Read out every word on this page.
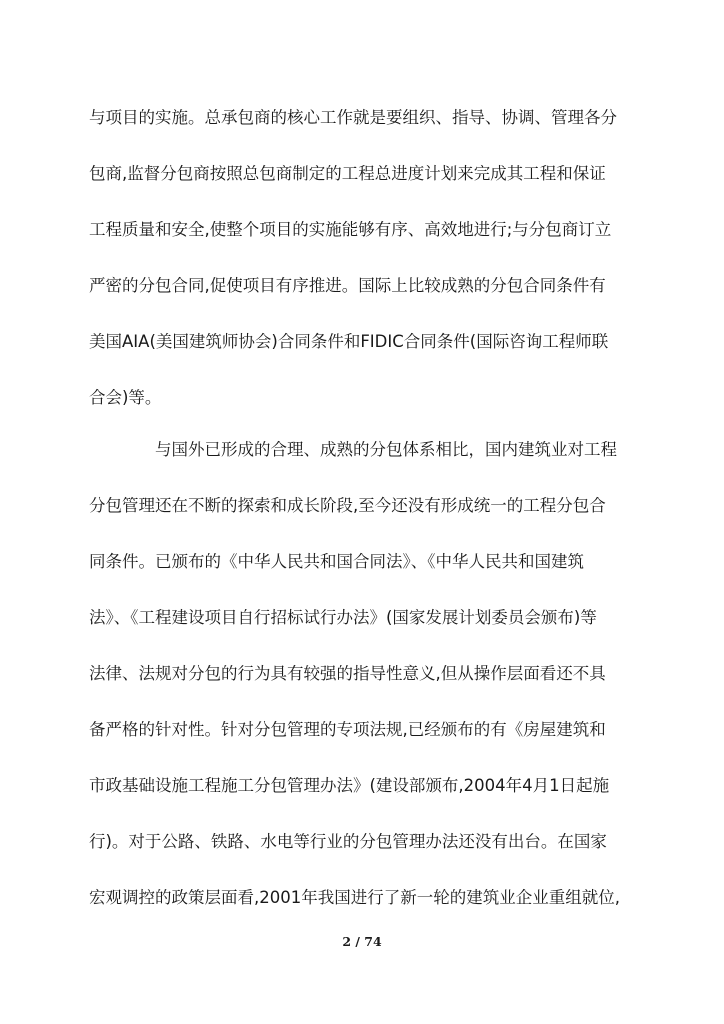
与项目的实施。总承包商的核心工作就是要组织、指导、协调、管理各分

包商,监督分包商按照总包商制定的工程总进度计划来完成其工程和保证

工程质量和安全,使整个项目的实施能够有序、高效地进行;与分包商订立

严密的分包合同,促使项目有序推进。国际上比较成熟的分包合同条件有

美国AIA(美国建筑师协会)合同条件和FIDIC合同条件(国际咨询工程师联

合会)等。

与国外已形成的合理、成熟的分包体系相比，国内建筑业对工程

分包管理还在不断的探索和成长阶段,至今还没有形成统一的工程分包合

同条件。已颁布的《中华人民共和国合同法》、《中华人民共和国建筑

法》、《工程建设项目自行招标试行办法》(国家发展计划委员会颁布)等

法律、法规对分包的行为具有较强的指导性意义,但从操作层面看还不具

备严格的针对性。针对分包管理的专项法规,已经颁布的有《房屋建筑和

市政基础设施工程施工分包管理办法》(建设部颁布,2004年4月1日起施

行)。对于公路、铁路、水电等行业的分包管理办法还没有出台。在国家

宏观调控的政策层面看,2001年我国进行了新一轮的建筑业企业重组就位,

2 / 74
